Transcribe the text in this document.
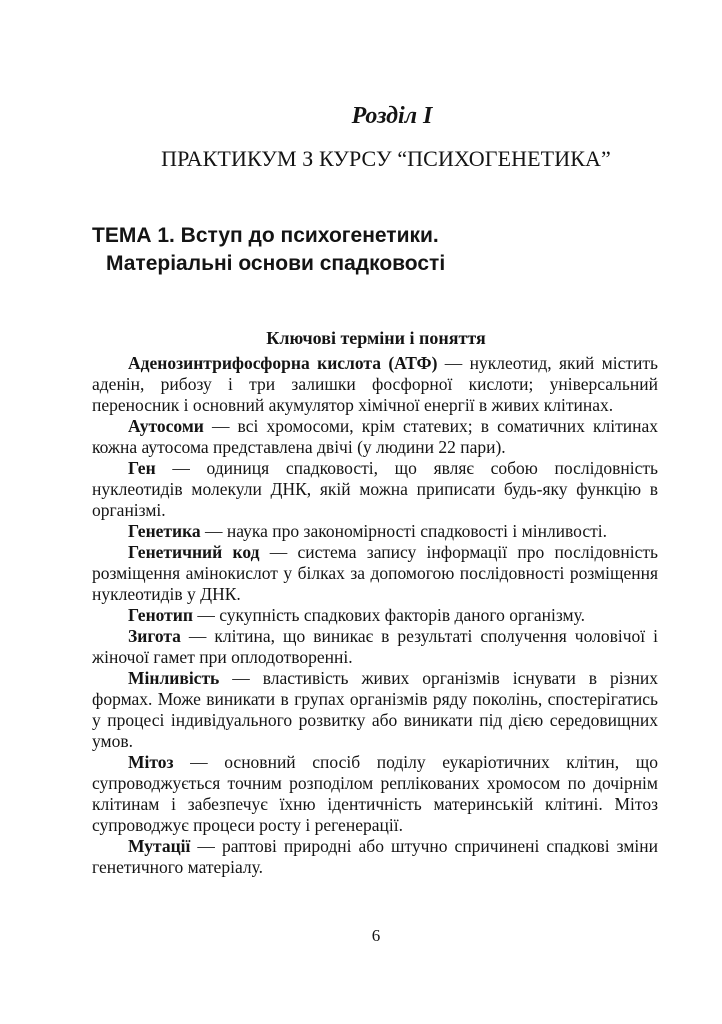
Розділ I
ПРАКТИКУМ З КУРСУ “ПСИХОГЕНЕТИКА”
ТЕМА 1. Вступ до психогенетики.
Матеріальні основи спадковості
Ключові терміни і поняття

Аденозинтрифосфорна кислота (АТФ) — нуклеотид, який містить аденін, рибозу і три залишки фосфорної кислоти; універсальний переносник і основний акумулятор хімічної енергії в живих клітинах.

Аутосоми — всі хромосоми, крім статевих; в соматичних клітинах кожна аутосома представлена двічі (у людини 22 пари).

Ген — одиниця спадковості, що являє собою послідовність нуклеотидів молекули ДНК, якій можна приписати будь-яку функцію в організмі.

Генетика — наука про закономірності спадковості і мінливості.

Генетичний код — система запису інформації про послідовність розміщення амінокислот у білках за допомогою послідовності розміщення нуклеотидів у ДНК.

Генотип — сукупність спадкових факторів даного організму.

Зигота — клітина, що виникає в результаті сполучення чоловічої і жіночої гамет при оплодотворенні.

Мінливість — властивість живих організмів існувати в різних формах. Може виникати в групах організмів ряду поколінь, спостерігатись у процесі індивідуального розвитку або виникати під дією середовищних умов.

Мітоз — основний спосіб поділу еукаріотичних клітин, що супроводжується точним розподілом реплікованих хромосом по дочірнім клітинам і забезпечує їхню ідентичність материнській клітині. Мітоз супроводжує процеси росту і регенерації.

Мутації — раптові природні або штучно спричинені спадкові зміни генетичного матеріалу.

6
